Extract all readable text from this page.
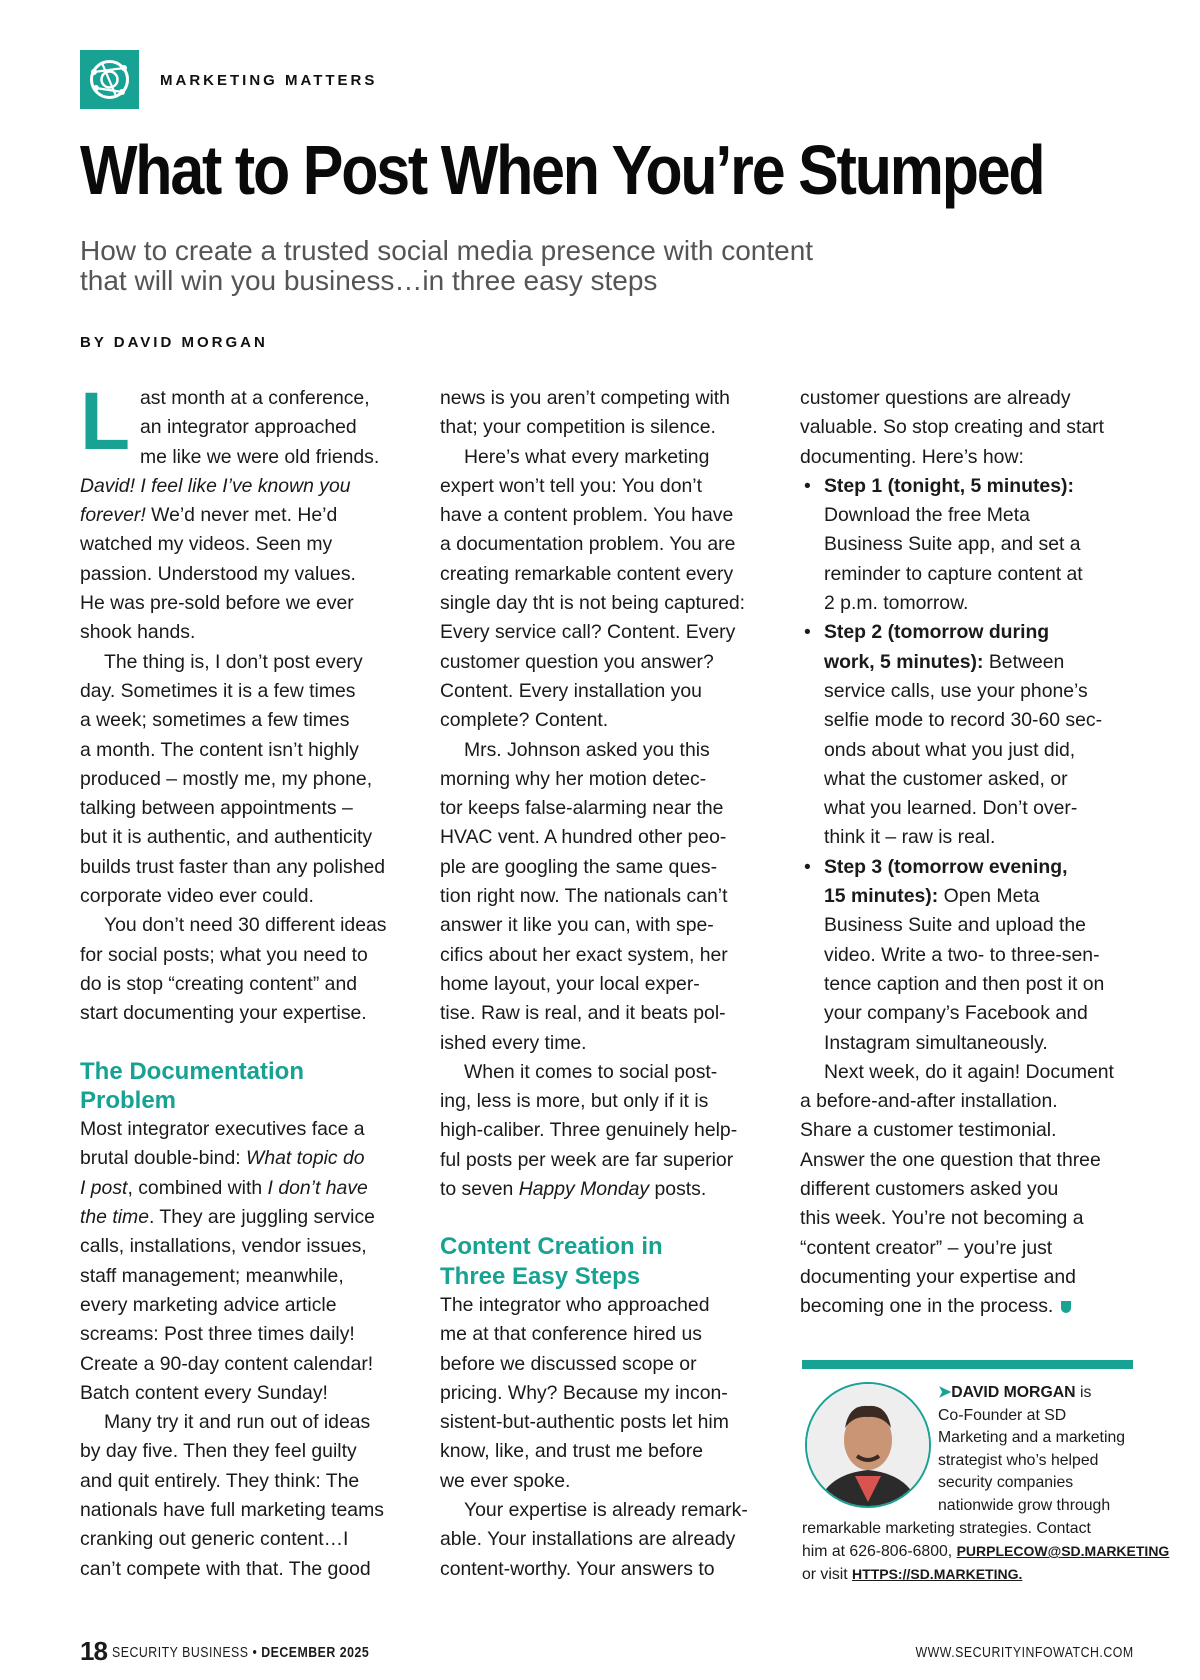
MARKETING MATTERS
What to Post When You’re Stumped
How to create a trusted social media presence with content
that will win you business…in three easy steps
BY DAVID MORGAN
L ast month at a conference,
an integrator approached
me like we were old friends.
David! I feel like I’ve known you
forever! We’d never met. He’d
watched my videos. Seen my
passion. Understood my values.
He was pre-sold before we ever
shook hands.
The thing is, I don’t post every
day. Sometimes it is a few times
a week; sometimes a few times
a month. The content isn’t highly
produced – mostly me, my phone,
talking between appointments –
but it is authentic, and authenticity
builds trust faster than any polished
corporate video ever could.
You don’t need 30 different ideas
for social posts; what you need to
do is stop “creating content” and
start documenting your expertise.
The Documentation
Problem
Most integrator executives face a
brutal double-bind: What topic do
I post, combined with I don’t have
the time. They are juggling service
calls, installations, vendor issues,
staff management; meanwhile,
every marketing advice article
screams: Post three times daily!
Create a 90-day content calendar!
Batch content every Sunday!
Many try it and run out of ideas
by day five. Then they feel guilty
and quit entirely. They think: The
nationals have full marketing teams
cranking out generic content…I
can’t compete with that. The good
news is you aren’t competing with
that; your competition is silence.
Here’s what every marketing
expert won’t tell you: You don’t
have a content problem. You have
a documentation problem. You are
creating remarkable content every
single day tht is not being captured:
Every service call? Content. Every
customer question you answer?
Content. Every installation you
complete? Content.
Mrs. Johnson asked you this
morning why her motion detec-
tor keeps false-alarming near the
HVAC vent. A hundred other peo-
ple are googling the same ques-
tion right now. The nationals can’t
answer it like you can, with spe-
cifics about her exact system, her
home layout, your local exper-
tise. Raw is real, and it beats pol-
ished every time.
When it comes to social post-
ing, less is more, but only if it is
high-caliber. Three genuinely help-
ful posts per week are far superior
to seven Happy Monday posts.
Content Creation in
Three Easy Steps
The integrator who approached
me at that conference hired us
before we discussed scope or
pricing. Why? Because my incon-
sistent-but-authentic posts let him
know, like, and trust me before
we ever spoke.
Your expertise is already remark-
able. Your installations are already
content-worthy. Your answers to
customer questions are already
valuable. So stop creating and start
documenting. Here’s how:
• Step 1 (tonight, 5 minutes):
Download the free Meta
Business Suite app, and set a
reminder to capture content at
2 p.m. tomorrow.
• Step 2 (tomorrow during
work, 5 minutes): Between
service calls, use your phone’s
selfie mode to record 30-60 sec-
onds about what you just did,
what the customer asked, or
what you learned. Don’t over-
think it – raw is real.
• Step 3 (tomorrow evening,
15 minutes): Open Meta
Business Suite and upload the
video. Write a two- to three-sen-
tence caption and then post it on
your company’s Facebook and
Instagram simultaneously.
Next week, do it again! Document
a before-and-after installation.
Share a customer testimonial.
Answer the one question that three
different customers asked you
this week. You’re not becoming a
“content creator” – you’re just
documenting your expertise and
becoming one in the process.
➤DAVID MORGAN is
Co-Founder at SD
Marketing and a marketing
strategist who’s helped
security companies
nationwide grow through
remarkable marketing strategies. Contact
him at 626-806-6800, PURPLECOW@SD.MARKETING
or visit HTTPS://SD.MARKETING.
18 SECURITY BUSINESS • DECEMBER 2025	WWW.SECURITYINFOWATCH.COM
